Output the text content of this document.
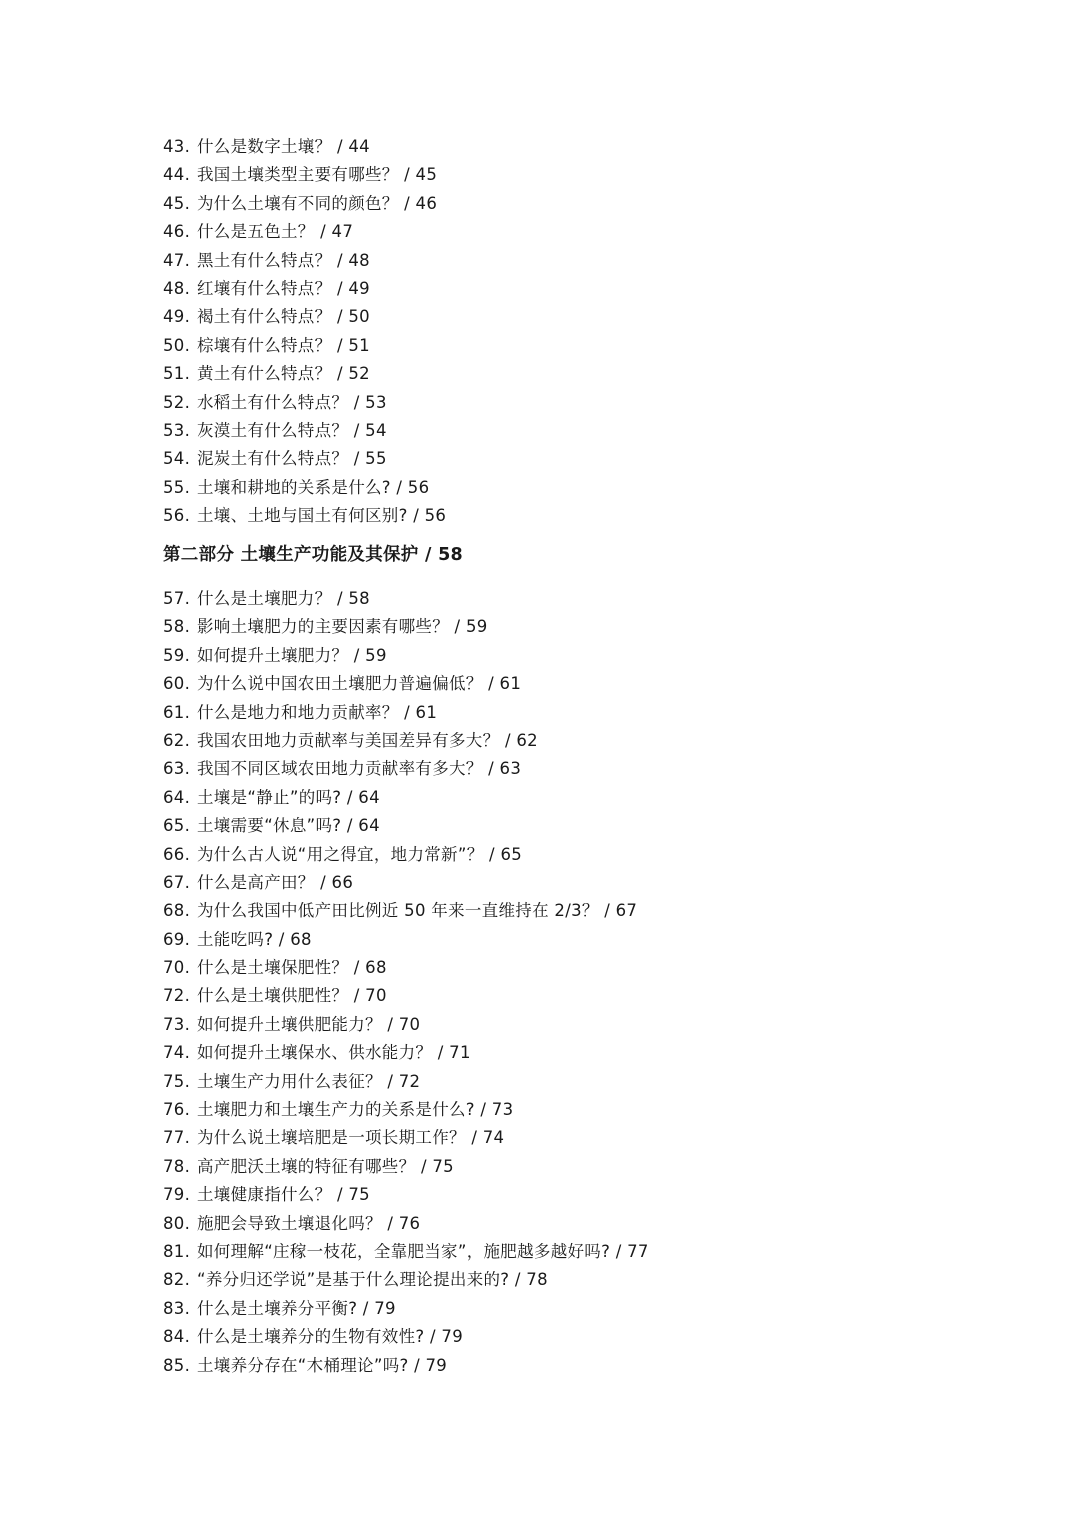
43. 什么是数字土壤？ / 44
44. 我国土壤类型主要有哪些？ / 45
45. 为什么土壤有不同的颜色？ / 46
46. 什么是五色土？ / 47
47. 黑土有什么特点？ / 48
48. 红壤有什么特点？ / 49
49. 褐土有什么特点？ / 50
50. 棕壤有什么特点？ / 51
51. 黄土有什么特点？ / 52
52. 水稻土有什么特点？ / 53
53. 灰漠土有什么特点？ / 54
54. 泥炭土有什么特点？ / 55
55. 土壤和耕地的关系是什么? / 56
56. 土壤、土地与国土有何区别? / 56
第二部分 土壤生产功能及其保护 / 58
57. 什么是土壤肥力？ / 58
58. 影响土壤肥力的主要因素有哪些？ / 59
59. 如何提升土壤肥力？ / 59
60. 为什么说中国农田土壤肥力普遍偏低？ / 61
61. 什么是地力和地力贡献率？ / 61
62. 我国农田地力贡献率与美国差异有多大？ / 62
63. 我国不同区域农田地力贡献率有多大？ / 63
64. 土壤是“静止”的吗? / 64
65. 土壤需要“休息”吗? / 64
66. 为什么古人说“用之得宜，地力常新”？ / 65
67. 什么是高产田？ / 66
68. 为什么我国中低产田比例近 50 年来一直维持在 2/3？ / 67
69. 土能吃吗? / 68
70. 什么是土壤保肥性？ / 68
72. 什么是土壤供肥性？ / 70
73. 如何提升土壤供肥能力？ / 70
74. 如何提升土壤保水、供水能力？ / 71
75. 土壤生产力用什么表征？ / 72
76. 土壤肥力和土壤生产力的关系是什么? / 73
77. 为什么说土壤培肥是一项长期工作？ / 74
78. 高产肥沃土壤的特征有哪些？ / 75
79. 土壤健康指什么？ / 75
80. 施肥会导致土壤退化吗？ / 76
81. 如何理解“庄稼一枝花，全靠肥当家”，施肥越多越好吗? / 77
82. “养分归还学说”是基于什么理论提出来的? / 78
83. 什么是土壤养分平衡? / 79
84. 什么是土壤养分的生物有效性? / 79
85. 土壤养分存在“木桶理论”吗? / 79
